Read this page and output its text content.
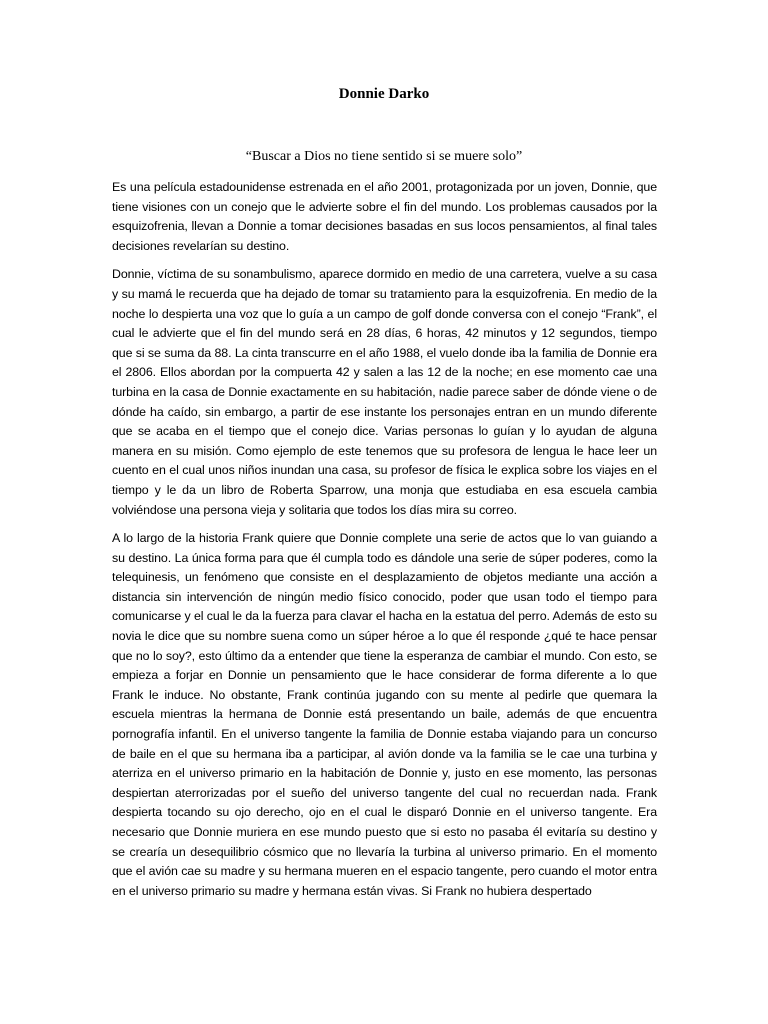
Donnie Darko

“Buscar a Dios no tiene sentido si se muere solo”

Es una película estadounidense estrenada en el año 2001, protagonizada por un joven, Donnie, que tiene visiones con un conejo que le advierte sobre el fin del mundo. Los problemas causados por la esquizofrenia, llevan a Donnie a tomar decisiones basadas en sus locos pensamientos, al final tales decisiones revelarían su destino.

Donnie, víctima de su sonambulismo, aparece dormido en medio de una carretera, vuelve a su casa y su mamá le recuerda que ha dejado de tomar su tratamiento para la esquizofrenia. En medio de la noche lo despierta una voz que lo guía a un campo de golf donde conversa con el conejo “Frank”, el cual le advierte que el fin del mundo será en 28 días, 6 horas, 42 minutos y 12 segundos, tiempo que si se suma da 88. La cinta transcurre en el año 1988, el vuelo donde iba la familia de Donnie era el 2806. Ellos abordan por la compuerta 42 y salen a las 12 de la noche; en ese momento cae una turbina en la casa de Donnie exactamente en su habitación, nadie parece saber de dónde viene o de dónde ha caído, sin embargo, a partir de ese instante los personajes entran en un mundo diferente que se acaba en el tiempo que el conejo dice. Varias personas lo guían y lo ayudan de alguna manera en su misión. Como ejemplo de este tenemos que su profesora de lengua le hace leer un cuento en el cual unos niños inundan una casa, su profesor de física le explica sobre los viajes en el tiempo y le da un libro de Roberta Sparrow, una monja que estudiaba en esa escuela cambia volviéndose una persona vieja y solitaria que todos los días mira su correo.

A lo largo de la historia Frank quiere que Donnie complete una serie de actos que lo van guiando a su destino. La única forma para que él cumpla todo es dándole una serie de súper poderes, como la telequinesis, un fenómeno que consiste en el desplazamiento de objetos mediante una acción a distancia sin intervención de ningún medio físico conocido, poder que usan todo el tiempo para comunicarse y el cual le da la fuerza para clavar el hacha en la estatua del perro. Además de esto su novia le dice que su nombre suena como un súper héroe a lo que él responde ¿qué te hace pensar que no lo soy?, esto último da a entender que tiene la esperanza de cambiar el mundo. Con esto, se empieza a forjar en Donnie un pensamiento que le hace considerar de forma diferente a lo que Frank le induce. No obstante, Frank continúa jugando con su mente al pedirle que quemara la escuela mientras la hermana de Donnie está presentando un baile, además de que encuentra pornografía infantil. En el universo tangente la familia de Donnie estaba viajando para un concurso de baile en el que su hermana iba a participar, al avión donde va la familia se le cae una turbina y aterriza en el universo primario en la habitación de Donnie y, justo en ese momento, las personas despiertan aterrorizadas por el sueño del universo tangente del cual no recuerdan nada. Frank despierta tocando su ojo derecho, ojo en el cual le disparó Donnie en el universo tangente. Era necesario que Donnie muriera en ese mundo puesto que si esto no pasaba él evitaría su destino y se crearía un desequilibrio cósmico que no llevaría la turbina al universo primario. En el momento que el avión cae su madre y su hermana mueren en el espacio tangente, pero cuando el motor entra en el universo primario su madre y hermana están vivas. Si Frank no hubiera despertado
